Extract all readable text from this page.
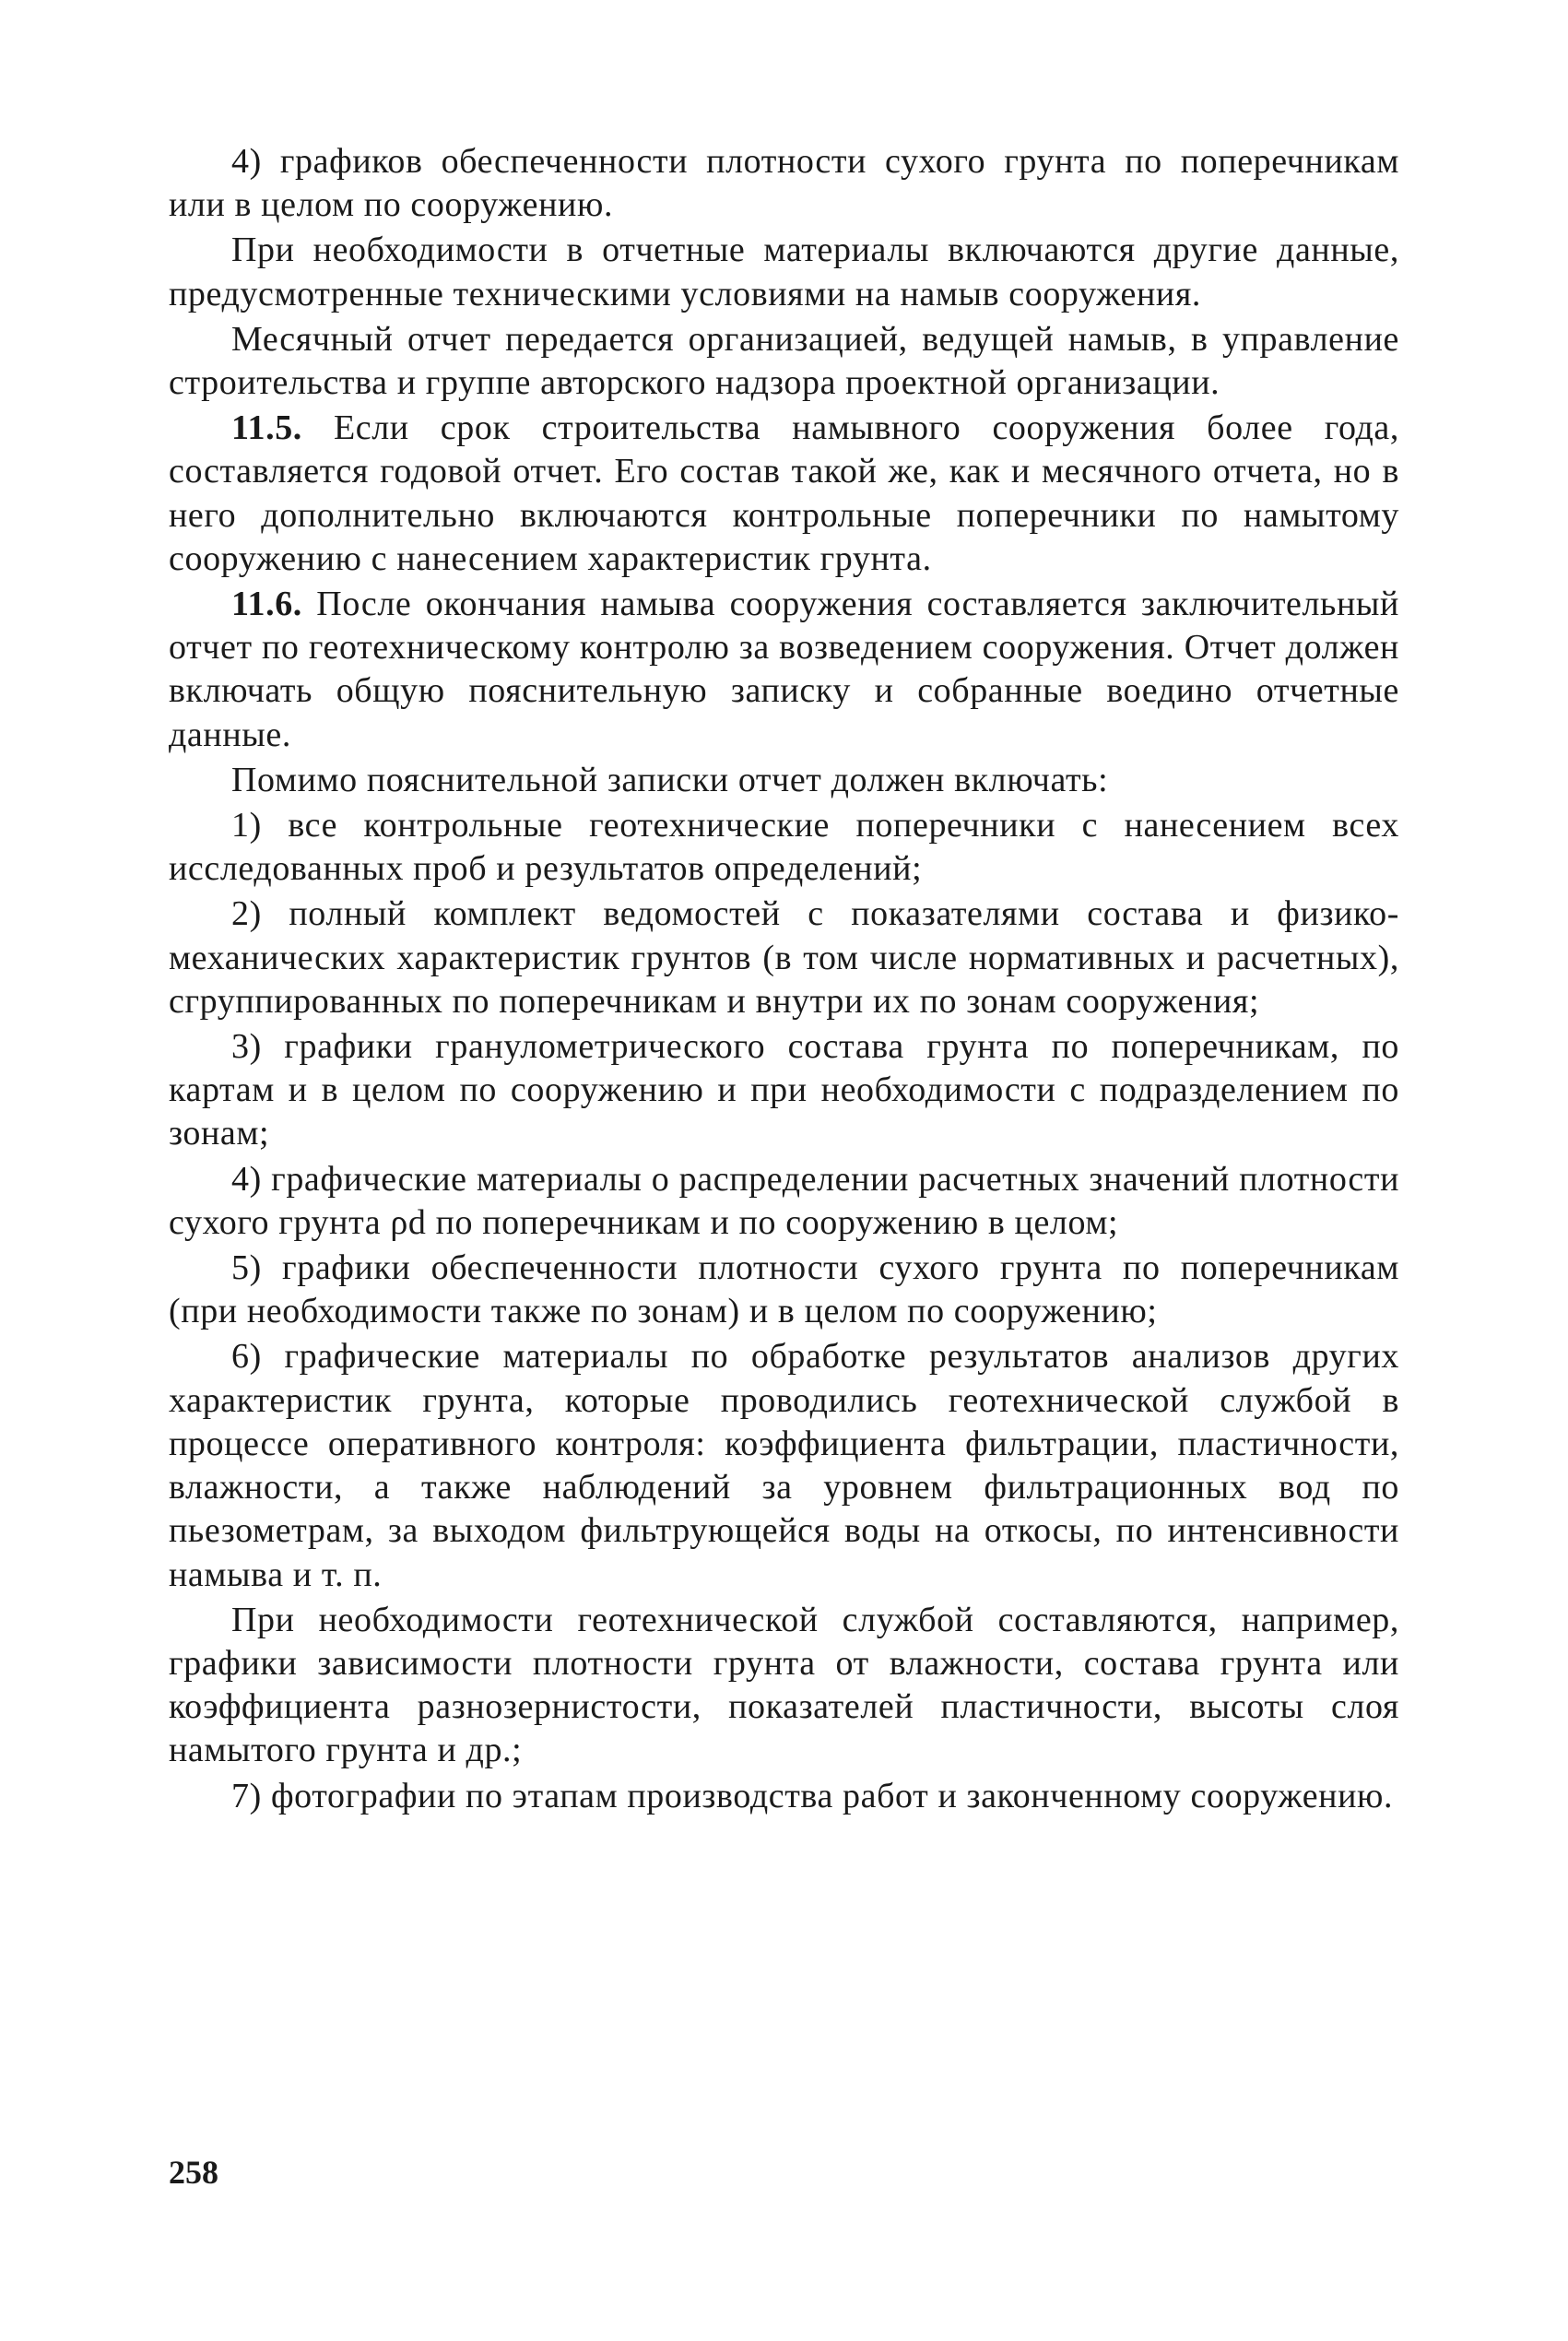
4) графиков обеспеченности плотности сухого грунта по поперечникам или в целом по сооружению.

При необходимости в отчетные материалы включаются другие данные, предусмотренные техническими условиями на намыв сооружения.

Месячный отчет передается организацией, ведущей намыв, в управление строительства и группе авторского надзора проектной организации.

11.5. Если срок строительства намывного сооружения более года, составляется годовой отчет. Его состав такой же, как и месячного отчета, но в него дополнительно включаются контрольные поперечники по намытому сооружению с нанесением характеристик грунта.

11.6. После окончания намыва сооружения составляется заключительный отчет по геотехническому контролю за возведением сооружения. Отчет должен включать общую пояснительную записку и собранные воедино отчетные данные.

Помимо пояснительной записки отчет должен включать:

1) все контрольные геотехнические поперечники с нанесением всех исследованных проб и результатов определений;

2) полный комплект ведомостей с показателями состава и физико-механических характеристик грунтов (в том числе нормативных и расчетных), сгруппированных по поперечникам и внутри их по зонам сооружения;

3) графики гранулометрического состава грунта по поперечникам, по картам и в целом по сооружению и при необходимости с подразделением по зонам;

4) графические материалы о распределении расчетных значений плотности сухого грунта ρd по поперечникам и по сооружению в целом;

5) графики обеспеченности плотности сухого грунта по поперечникам (при необходимости также по зонам) и в целом по сооружению;

6) графические материалы по обработке результатов анализов других характеристик грунта, которые проводились геотехнической службой в процессе оперативного контроля: коэффициента фильтрации, пластичности, влажности, а также наблюдений за уровнем фильтрационных вод по пьезометрам, за выходом фильтрующейся воды на откосы, по интенсивности намыва и т. п.

При необходимости геотехнической службой составляются, например, графики зависимости плотности грунта от влажности, состава грунта или коэффициента разнозернистости, показателей пластичности, высоты слоя намытого грунта и др.;

7) фотографии по этапам производства работ и законченному сооружению.

258
